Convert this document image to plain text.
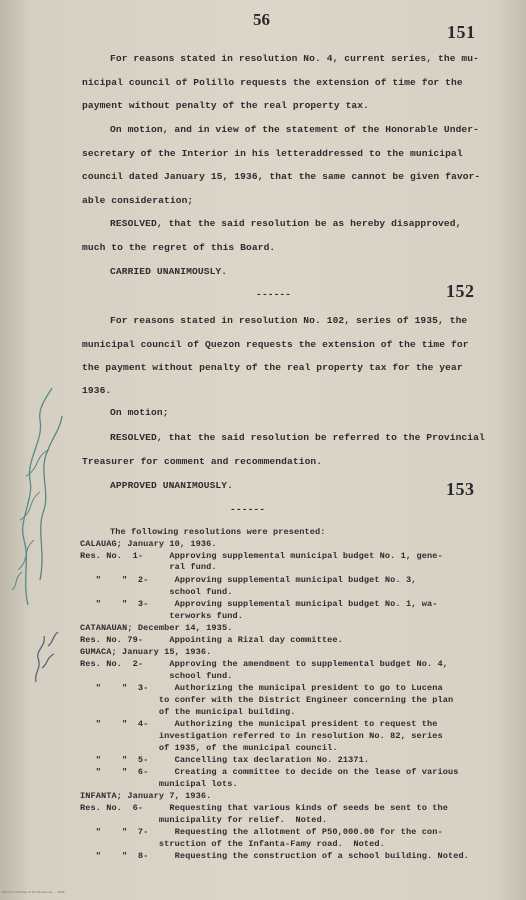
56
151
For reasons stated in resolution No. 4, current series, the mu-
nicipal council of Polillo requests the extension of time for the
payment without penalty of the real property tax.
On motion, and in view of the statement of the Honorable Under-
secretary of the Interior in his letteraddressed to the municipal
council dated January 15, 1936, that the same cannot be given favor-
able consideration;
RESOLVED, that the said resolution be as hereby disapproved,
much to the regret of this Board.
CARRIED UNANIMOUSLY.
------	152
For reasons stated in resolution No. 102, series of 1935, the
municipal council of Quezon requests the extension of the time for
the payment without penalty of the real property tax for the year
1936.
On motion;
RESOLVED, that the said resolution be referred to the Provincial
Treasurer for comment and recommendation.
APPROVED UNANIMOUSLY.	153
------
The following resolutions were presented:
CALAUAG; January 10, 1936.
Res. No.  1-     Approving supplemental municipal budget No. 1, gene-
ral fund.
"    "  2-     Approving supplemental municipal budget No. 3,
school fund.
"    "  3-     Approving supplemental municipal budget No. 1, wa-
terworks fund.
CATANAUAN; December 14, 1935.
Res. No. 79-     Appointing a Rizal day committee.
GUMACA; January 15, 1936.
Res. No.  2-     Approving the amendment to supplemental budget No. 4,
school fund.
"    "  3-     Authorizing the municipal president to go to Lucena
to confer with the District Engineer concerning the plan
of the municipal building.
"    "  4-     Authorizing the municipal president to request the
investigation referred to in resolution No. 82, series
of 1935, of the municipal council.
"    "  5-     Cancelling tax declaration No. 21371.
"    "  6-     Creating a committee to decide on the lease of various
municipal lots.
INFANTA; January 7, 1936.
Res. No.  6-     Requesting that various kinds of seeds be sent to the
municipality for relief.  Noted.
"    "  7-     Requesting the allotment of P50,000.00 for the con-
struction of the Infanta-Famy road.  Noted.
"    "  8-     Requesting the construction of a school building. Noted.
Record / Minutes of the Provincial ... 1936
